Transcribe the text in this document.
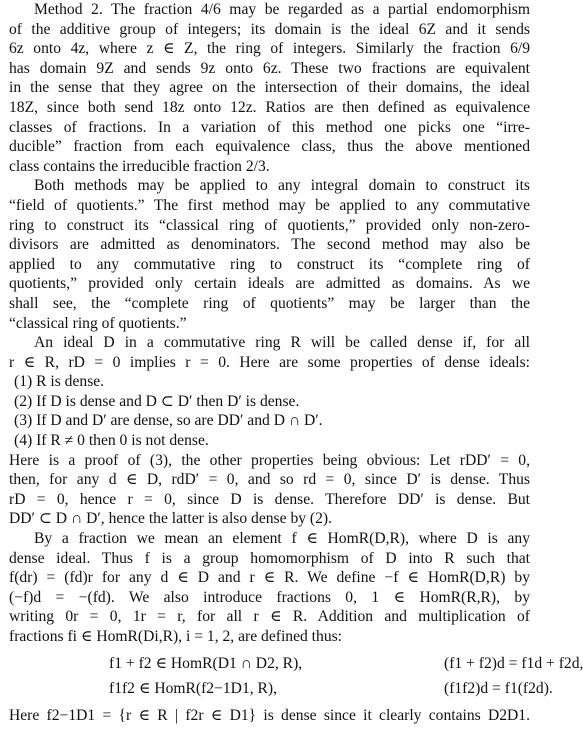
Method 2. The fraction 4/6 may be regarded as a partial endomorphism
of the additive group of integers; its domain is the ideal 6Z and it sends
6z onto 4z, where z ∈ Z, the ring of integers. Similarly the fraction 6/9
has domain 9Z and sends 9z onto 6z. These two fractions are equivalent
in the sense that they agree on the intersection of their domains, the ideal
18Z, since both send 18z onto 12z. Ratios are then defined as equivalence
classes of fractions. In a variation of this method one picks one “irre-
ducible” fraction from each equivalence class, thus the above mentioned
class contains the irreducible fraction 2/3.
Both methods may be applied to any integral domain to construct its
“field of quotients.” The first method may be applied to any commutative
ring to construct its “classical ring of quotients,” provided only non-zero-
divisors are admitted as denominators. The second method may also be
applied to any commutative ring to construct its “complete ring of
quotients,” provided only certain ideals are admitted as domains. As we
shall see, the “complete ring of quotients” may be larger than the
“classical ring of quotients.”
An ideal D in a commutative ring R will be called dense if, for all
r ∈ R, rD = 0 implies r = 0. Here are some properties of dense ideals:
(1) R is dense.
(2) If D is dense and D ⊂ D′ then D′ is dense.
(3) If D and D′ are dense, so are DD′ and D ∩ D′.
(4) If R ≠ 0 then 0 is not dense.
Here is a proof of (3), the other properties being obvious: Let rDD′ = 0,
then, for any d ∈ D, rdD′ = 0, and so rd = 0, since D′ is dense. Thus
rD = 0, hence r = 0, since D is dense. Therefore DD′ is dense. But
DD′ ⊂ D ∩ D′, hence the latter is also dense by (2).
By a fraction we mean an element f ∈ HomR(D,R), where D is any
dense ideal. Thus f is a group homomorphism of D into R such that
f(dr) = (fd)r for any d ∈ D and r ∈ R. We define −f ∈ HomR(D,R) by
(−f)d = −(fd). We also introduce fractions 0, 1 ∈ HomR(R,R), by
writing 0r = 0, 1r = r, for all r ∈ R. Addition and multiplication of
fractions fi ∈ HomR(Di,R), i = 1, 2, are defined thus:
f1 + f2 ∈ HomR(D1 ∩ D2, R),	(f1 + f2)d = f1d + f2d,
f1f2 ∈ HomR(f2−1D1, R),	(f1f2)d = f1(f2d).
Here f2−1D1 = {r ∈ R | f2r ∈ D1} is dense since it clearly contains D2D1.
